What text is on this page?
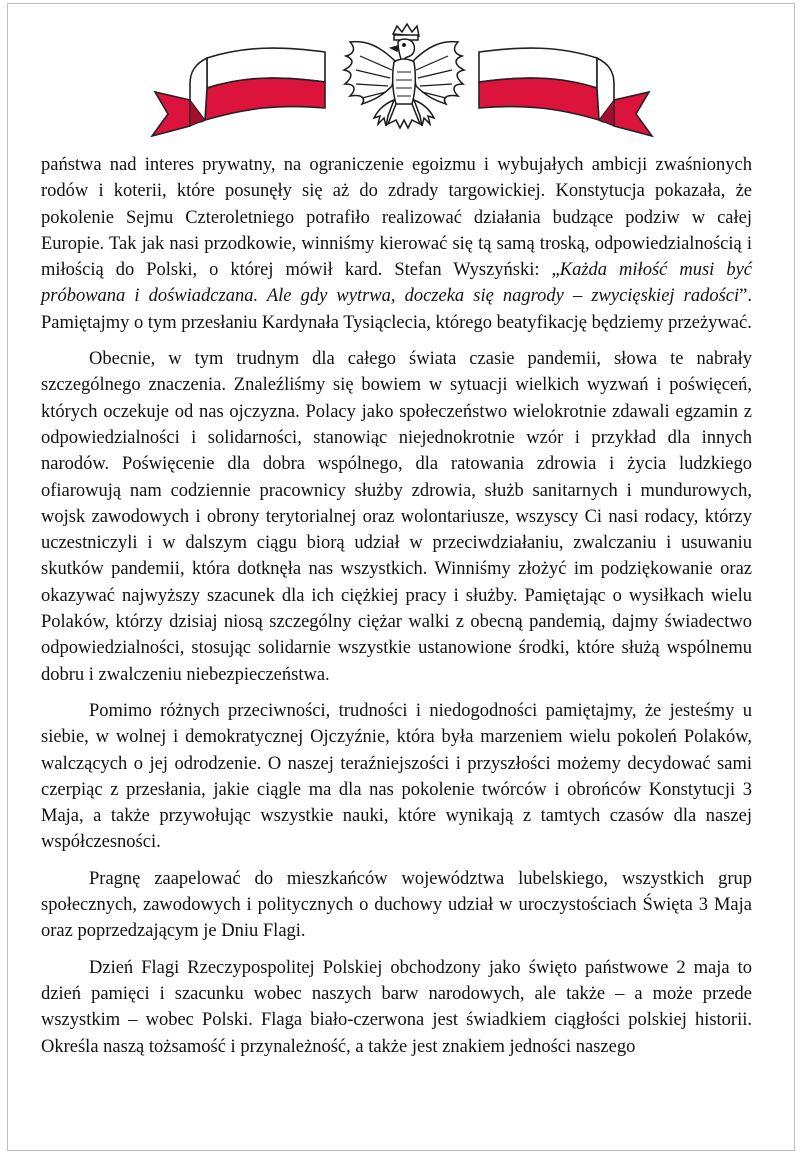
państwa nad interes prywatny, na ograniczenie egoizmu i wybujałych ambicji zwaśnionych rodów i koterii, które posunęły się aż do zdrady targowickiej. Konstytucja pokazała, że pokolenie Sejmu Czteroletniego potrafiło realizować działania budzące podziw w całej Europie. Tak jak nasi przodkowie, winniśmy kierować się tą samą troską, odpowiedzialnością i miłością do Polski, o której mówił kard. Stefan Wyszyński: „Każda miłość musi być próbowana i doświadczana. Ale gdy wytrwa, doczeka się nagrody – zwycięskiej radości”. Pamiętajmy o tym przesłaniu Kardynała Tysiąclecia, którego beatyfikację będziemy przeżywać.

Obecnie, w tym trudnym dla całego świata czasie pandemii, słowa te nabrały szczególnego znaczenia. Znaleźliśmy się bowiem w sytuacji wielkich wyzwań i poświęceń, których oczekuje od nas ojczyzna. Polacy jako społeczeństwo wielokrotnie zdawali egzamin z odpowiedzialności i solidarności, stanowiąc niejednokrotnie wzór i przykład dla innych narodów. Poświęcenie dla dobra wspólnego, dla ratowania zdrowia i życia ludzkiego ofiarowują nam codziennie pracownicy służby zdrowia, służb sanitarnych i mundurowych, wojsk zawodowych i obrony terytorialnej oraz wolontariusze, wszyscy Ci nasi rodacy, którzy uczestniczyli i w dalszym ciągu biorą udział w przeciwdziałaniu, zwalczaniu i usuwaniu skutków pandemii, która dotknęła nas wszystkich. Winniśmy złożyć im podziękowanie oraz okazywać najwyższy szacunek dla ich ciężkiej pracy i służby. Pamiętając o wysiłkach wielu Polaków, którzy dzisiaj niosą szczególny ciężar walki z obecną pandemią, dajmy świadectwo odpowiedzialności, stosując solidarnie wszystkie ustanowione środki, które służą wspólnemu dobru i zwalczeniu niebezpieczeństwa.

Pomimo różnych przeciwności, trudności i niedogodności pamiętajmy, że jesteśmy u siebie, w wolnej i demokratycznej Ojczyźnie, która była marzeniem wielu pokoleń Polaków, walczących o jej odrodzenie. O naszej teraźniejszości i przyszłości możemy decydować sami czerpiąc z przesłania, jakie ciągle ma dla nas pokolenie twórców i obrońców Konstytucji 3 Maja, a także przywołując wszystkie nauki, które wynikają z tamtych czasów dla naszej współczesności.

Pragnę zaapelować do mieszkańców województwa lubelskiego, wszystkich grup społecznych, zawodowych i politycznych o duchowy udział w uroczystościach Święta 3 Maja oraz poprzedzającym je Dniu Flagi.

Dzień Flagi Rzeczypospolitej Polskiej obchodzony jako święto państwowe 2 maja to dzień pamięci i szacunku wobec naszych barw narodowych, ale także – a może przede wszystkim – wobec Polski. Flaga biało-czerwona jest świadkiem ciągłości polskiej historii. Określa naszą tożsamość i przynależność, a także jest znakiem jedności naszego
